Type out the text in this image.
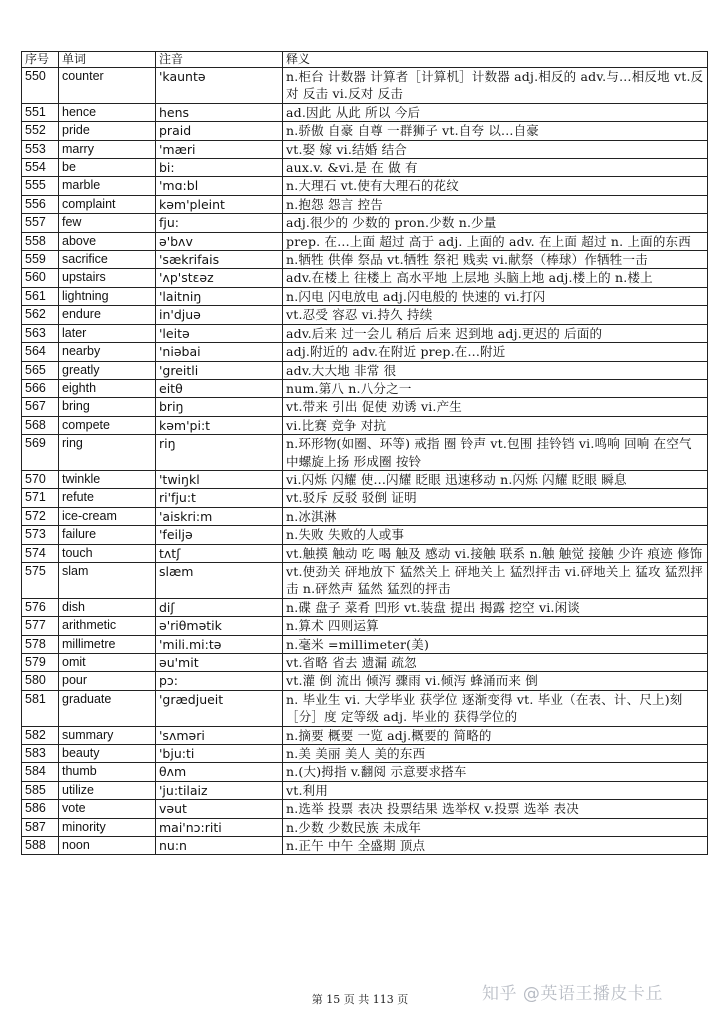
序号	单词	注音	释义
550	counter	'kauntə	n.柜台 计数器 计算者［计算机］计数器 adj.相反的 adv.与…相反地 vt.反对 反击 vi.反对 反击
551	hence	hens	ad.因此 从此 所以 今后
552	pride	praid	n.骄傲 自豪 自尊 一群狮子 vt.自夸 以...自豪
553	marry	'mæri	vt.娶 嫁 vi.结婚 结合
554	be	bi:	aux.v. &vi.是 在 做 有
555	marble	'mɑ:bl	n.大理石 vt.使有大理石的花纹
556	complaint	kəm'pleint	n.抱怨 怨言 控告
557	few	fju:	adj.很少的 少数的 pron.少数 n.少量
558	above	ə'bʌv	prep. 在...上面 超过 高于 adj. 上面的 adv. 在上面 超过 n. 上面的东西
559	sacrifice	'sækrifais	n.牺牲 供俸 祭品 vt.牺牲 祭祀 贱卖 vi.献祭（棒球）作牺牲一击
560	upstairs	'ʌp'stɛəz	adv.在楼上 往楼上 高水平地 上层地 头脑上地 adj.楼上的 n.楼上
561	lightning	'laitniŋ	n.闪电 闪电放电 adj.闪电般的 快速的 vi.打闪
562	endure	in'djuə	vt.忍受 容忍 vi.持久 持续
563	later	'leitə	adv.后来 过一会儿 稍后 后来 迟到地 adj.更迟的 后面的
564	nearby	'niəbai	adj.附近的 adv.在附近 prep.在...附近
565	greatly	'greitli	adv.大大地 非常 很
566	eighth	eitθ	num.第八 n.八分之一
567	bring	briŋ	vt.带来 引出 促使 劝诱 vi.产生
568	compete	kəm'pi:t	vi.比赛 竞争 对抗
569	ring	riŋ	n.环形物(如圈、环等) 戒指 圈 铃声 vt.包围 挂铃铛 vi.鸣响 回响 在空气中螺旋上扬 形成圈 按铃
570	twinkle	'twiŋkl	vi.闪烁 闪耀 使...闪耀 眨眼 迅速移动 n.闪烁 闪耀 眨眼 瞬息
571	refute	ri'fju:t	vt.驳斥 反驳 驳倒 证明
572	ice-cream	'aiskri:m	n.冰淇淋
573	failure	'feiljə	n.失败 失败的人或事
574	touch	tʌtʃ	vt.触摸 触动 吃 喝 触及 感动 vi.接触 联系 n.触 触觉 接触 少许 痕迹 修饰
575	slam	slæm	vt.使劲关 砰地放下 猛然关上 砰地关上 猛烈抨击 vi.砰地关上 猛攻 猛烈抨击 n.砰然声 猛然 猛烈的抨击
576	dish	diʃ	n.碟 盘子 菜肴 凹形 vt.装盘 提出 揭露 挖空 vi.闲谈
577	arithmetic	ə'riθmətik	n.算术 四则运算
578	millimetre	'mili.mi:tə	n.毫米 =millimeter(美)
579	omit	əu'mit	vt.省略 省去 遗漏 疏忽
580	pour	pɔ:	vt.灌 倒 流出 倾泻 骤雨 vi.倾泻 蜂涌而来 倒
581	graduate	'grædjueit	n. 毕业生 vi. 大学毕业 获学位 逐渐变得 vt. 毕业（在表、计、尺上)刻［分］度 定等级 adj. 毕业的 获得学位的
582	summary	'sʌməri	n.摘要 概要 一览 adj.概要的 简略的
583	beauty	'bju:ti	n.美 美丽 美人 美的东西
584	thumb	θʌm	n.(大)拇指 v.翻阅 示意要求搭车
585	utilize	'ju:tilaiz	vt.利用
586	vote	vəut	n.选举 投票 表决 投票结果 选举权 v.投票 选举 表决
587	minority	mai'nɔ:riti	n.少数 少数民族 未成年
588	noon	nu:n	n.正午 中午 全盛期 顶点
第 15 页 共 113 页	知乎 @英语王播皮卡丘
